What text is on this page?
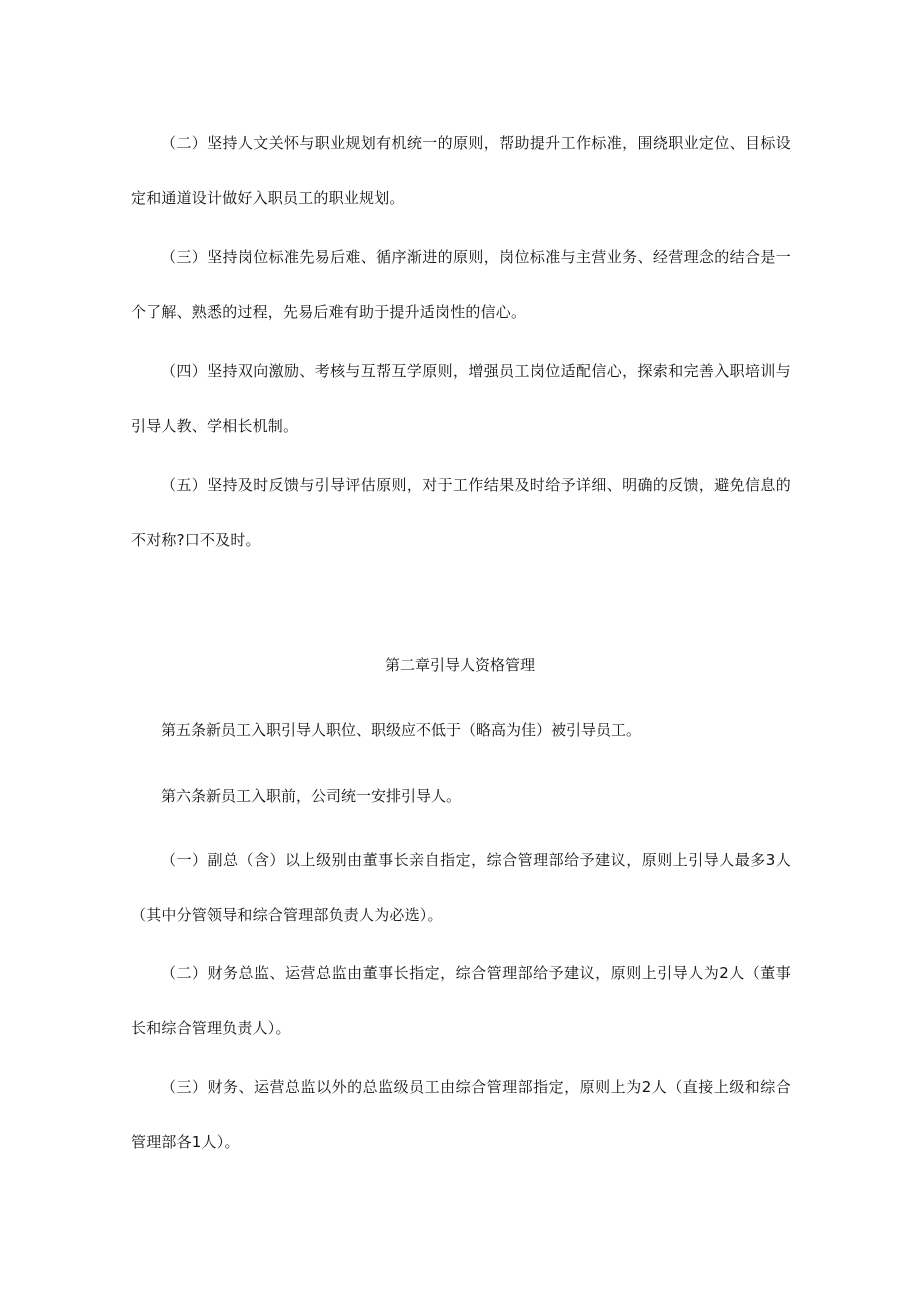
（二）坚持人文关怀与职业规划有机统一的原则，帮助提升工作标准，围绕职业定位、目标设定和通道设计做好入职员工的职业规划。

（三）坚持岗位标准先易后难、循序渐进的原则，岗位标准与主营业务、经营理念的结合是一个了解、熟悉的过程，先易后难有助于提升适岗性的信心。

（四）坚持双向激励、考核与互帮互学原则，增强员工岗位适配信心，探索和完善入职培训与引导人教、学相长机制。

（五）坚持及时反馈与引导评估原则，对于工作结果及时给予详细、明确的反馈，避免信息的不对称?口不及时。

第二章引导人资格管理

第五条新员工入职引导人职位、职级应不低于（略高为佳）被引导员工。

第六条新员工入职前，公司统一安排引导人。

（一）副总（含）以上级别由董事长亲自指定，综合管理部给予建议，原则上引导人最多3人（其中分管领导和综合管理部负责人为必选）。

（二）财务总监、运营总监由董事长指定，综合管理部给予建议，原则上引导人为2人（董事长和综合管理负责人）。

（三）财务、运营总监以外的总监级员工由综合管理部指定，原则上为2人（直接上级和综合管理部各1人）。
